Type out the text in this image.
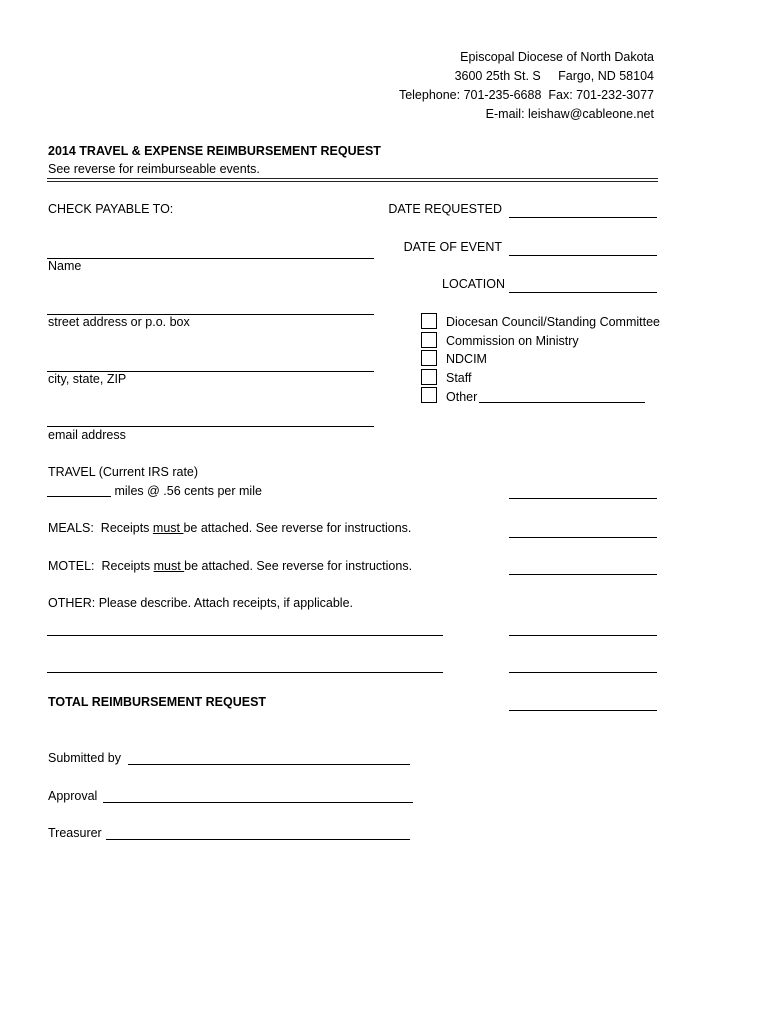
Episcopal Diocese of North Dakota
3600 25th St. S     Fargo, ND 58104
Telephone: 701-235-6688  Fax: 701-232-3077
E-mail: leishaw@cableone.net
2014 TRAVEL & EXPENSE REIMBURSEMENT REQUEST
See reverse for reimburseable events.
CHECK PAYABLE TO:
Name
street address or p.o. box
city, state, ZIP
email address
DATE REQUESTED
DATE OF EVENT
LOCATION
Diocesan Council/Standing Committee
Commission on Ministry
NDCIM
Staff
Other
TRAVEL (Current IRS rate)
miles @ .56 cents per mile
MEALS:  Receipts must be attached. See reverse for instructions.
MOTEL:  Receipts must be attached. See reverse for instructions.
OTHER: Please describe. Attach receipts, if applicable.
TOTAL REIMBURSEMENT REQUEST
Submitted by
Approval
Treasurer
